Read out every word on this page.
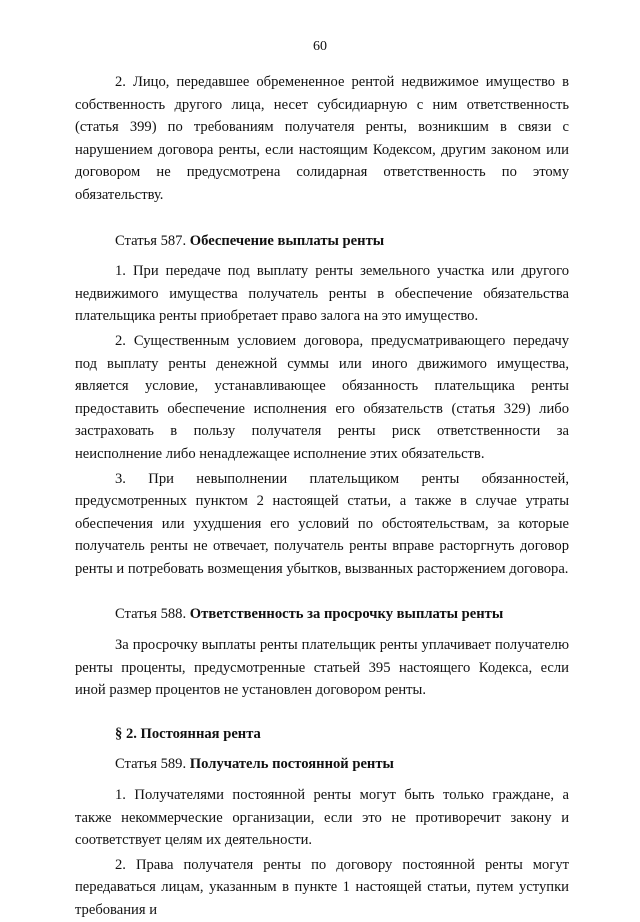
60

2. Лицо, передавшее обремененное рентой недвижимое имущество в собственность другого лица, несет субсидиарную с ним ответственность (статья 399) по требованиям получателя ренты, возникшим в связи с нарушением договора ренты, если настоящим Кодексом, другим законом или договором не предусмотрена солидарная ответственность по этому обязательству.

Статья 587. Обеспечение выплаты ренты

1. При передаче под выплату ренты земельного участка или другого недвижимого имущества получатель ренты в обеспечение обязательства плательщика ренты приобретает право залога на это имущество.

2. Существенным условием договора, предусматривающего передачу под выплату ренты денежной суммы или иного движимого имущества, является условие, устанавливающее обязанность плательщика ренты предоставить обеспечение исполнения его обязательств (статья 329) либо застраховать в пользу получателя ренты риск ответственности за неисполнение либо ненадлежащее исполнение этих обязательств.

3. При невыполнении плательщиком ренты обязанностей, предусмотренных пунктом 2 настоящей статьи, а также в случае утраты обеспечения или ухудшения его условий по обстоятельствам, за которые получатель ренты не отвечает, получатель ренты вправе расторгнуть договор ренты и потребовать возмещения убытков, вызванных расторжением договора.

Статья 588. Ответственность за просрочку выплаты ренты

За просрочку выплаты ренты плательщик ренты уплачивает получателю ренты проценты, предусмотренные статьей 395 настоящего Кодекса, если иной размер процентов не установлен договором ренты.

§ 2. Постоянная рента
Статья 589. Получатель постоянной ренты

1. Получателями постоянной ренты могут быть только граждане, а также некоммерческие организации, если это не противоречит закону и соответствует целям их деятельности.

2. Права получателя ренты по договору постоянной ренты могут передаваться лицам, указанным в пункте 1 настоящей статьи, путем уступки требования и
